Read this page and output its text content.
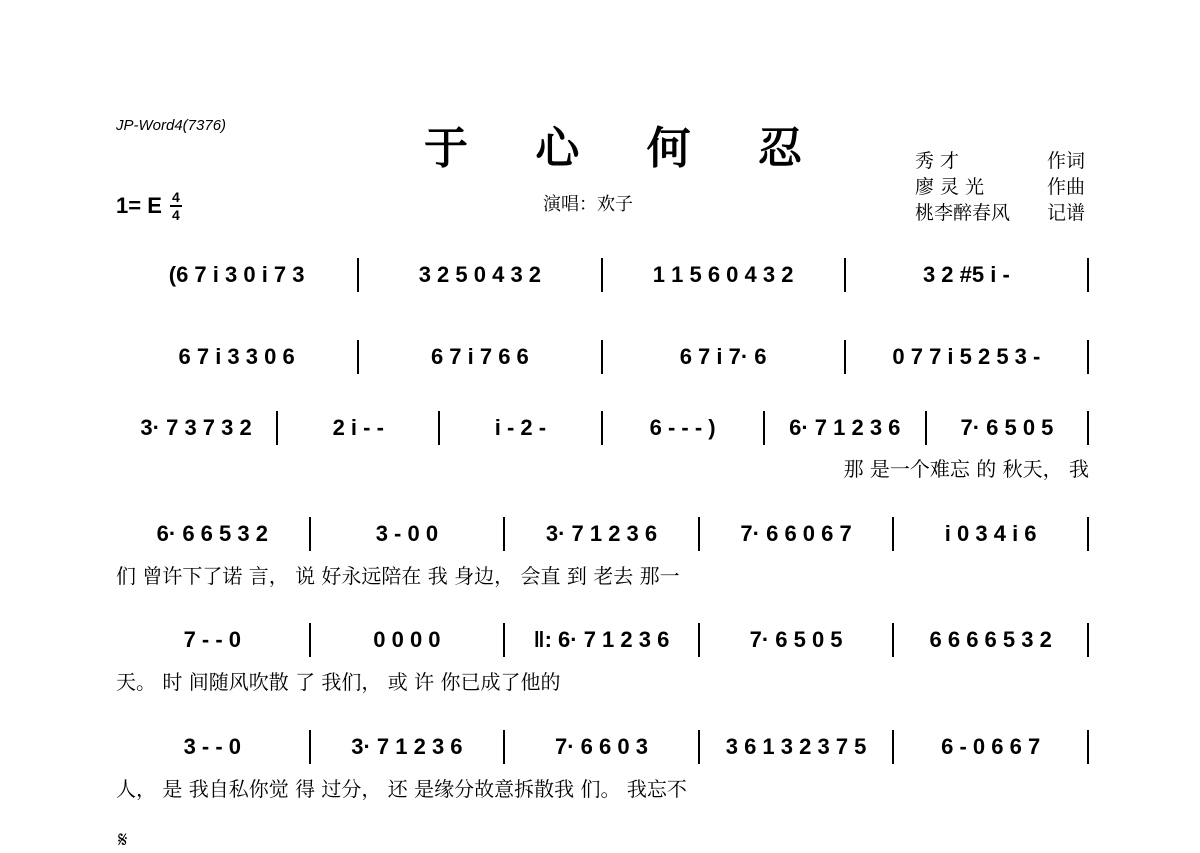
JP-Word4(7376)	于 心 何 忍
1= E $\frac{4}{4}$	演唱：欢子
秀 才	作词
廖 灵 光	作曲
桃李醉春风 记谱
(6 7 i 3 0 i 7 3	3 2 5 0 4 3 2	1 1 5 6 0 4 3 2	3 2 #5 i -
6 7 i 3 3 0 6	6 7 i 7 6 6	6 7 i 7· 6	0 7 7 i 5 2 5 3 -
3· 7 3 7 3 2	2 i - -	i - 2 -	6 - - - )	6· 7 1 2 3 6	7· 6 5 0 5
那 是一个难忘 的 秋天， 我
6· 6 6 5 3 2	3 - 0 0	3· 7 1 2 3 6	7· 6 6 0 6 7	i 0 3 4 i 6
们 曾许下了诺 言， 说 好永远陪在 我 身边， 会直 到 老去 那一
7 - - 0	0 0 0 0	‖: 6· 7 1 2 3 6	7· 6 5 0 5	6 6 6 6 5 3 2
天。 时 间随风吹散 了 我们， 或 许 你已成了他的
3 - - 0	3· 7 1 2 3 6	7· 6 6 0 3	3 6 1 3 2 3 7 5	6 - 0 6 6 7
人， 是 我自私你觉 得 过分， 还 是缘分故意拆散我 们。 我忘不
𝄋
